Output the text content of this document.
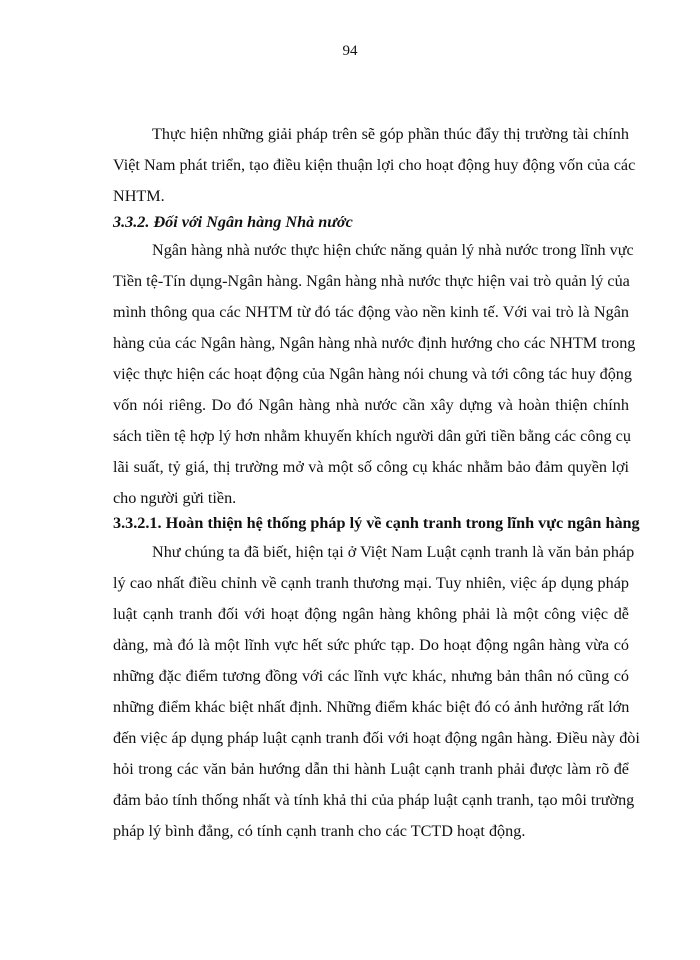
94
Thực hiện những giải pháp trên sẽ góp phần thúc đẩy thị trường tài chính
Việt Nam phát triển, tạo điều kiện thuận lợi cho hoạt động huy động vốn của các
NHTM.
3.3.2. Đối với Ngân hàng Nhà nước
Ngân hàng nhà nước thực hiện chức năng quản lý nhà nước trong lĩnh vực
Tiền tệ-Tín dụng-Ngân hàng. Ngân hàng nhà nước thực hiện vai trò quản lý của
mình thông qua các NHTM từ đó tác động vào nền kinh tế. Với vai trò là Ngân
hàng của các Ngân hàng, Ngân hàng nhà nước định hướng cho các NHTM trong
việc thực hiện các hoạt động của Ngân hàng nói chung và tới công tác huy động
vốn nói riêng. Do đó Ngân hàng nhà nước cần xây dựng và hoàn thiện chính
sách tiền tệ hợp lý hơn nhằm khuyến khích người dân gửi tiền bằng các công cụ
lãi suất, tỷ giá, thị trường mở và một số công cụ khác nhằm bảo đảm quyền lợi
cho người gửi tiền.
3.3.2.1. Hoàn thiện hệ thống pháp lý về cạnh tranh trong lĩnh vực ngân hàng
Như chúng ta đã biết, hiện tại ở Việt Nam Luật cạnh tranh là văn bản pháp
lý cao nhất điều chỉnh về cạnh tranh thương mại. Tuy nhiên, việc áp dụng pháp
luật cạnh tranh đối với hoạt động ngân hàng không phải là một công việc dễ
dàng, mà đó là một lĩnh vực hết sức phức tạp. Do hoạt động ngân hàng vừa có
những đặc điểm tương đồng với các lĩnh vực khác, nhưng bản thân nó cũng có
những điểm khác biệt nhất định. Những điểm khác biệt đó có ảnh hưởng rất lớn
đến việc áp dụng pháp luật cạnh tranh đối với hoạt động ngân hàng. Điều này đòi
hỏi trong các văn bản hướng dẫn thi hành Luật cạnh tranh phải được làm rõ để
đảm bảo tính thống nhất và tính khả thi của pháp luật cạnh tranh, tạo môi trường
pháp lý bình đẳng, có tính cạnh tranh cho các TCTD hoạt động.
